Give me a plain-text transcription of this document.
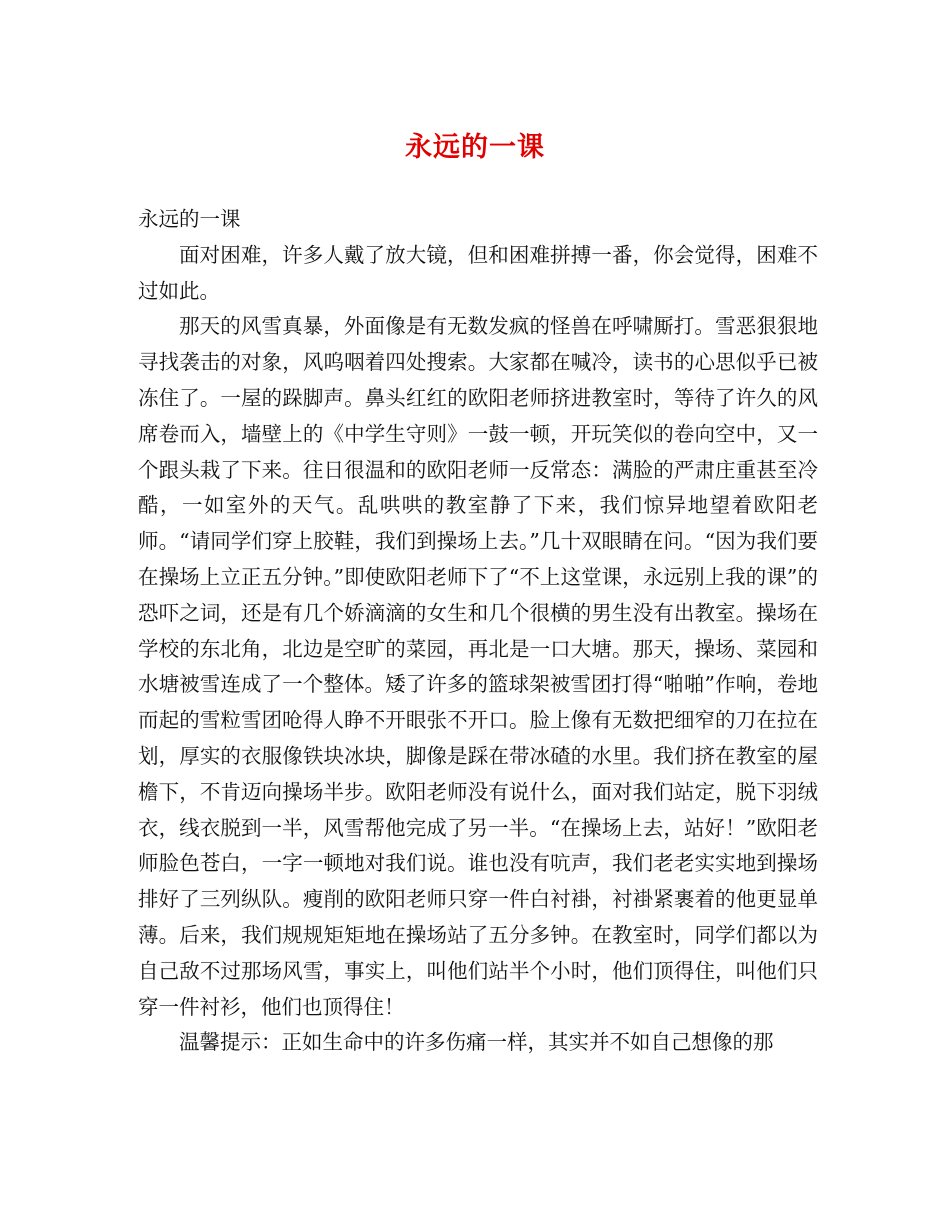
永远的一课

永远的一课

面对困难，许多人戴了放大镜，但和困难拼搏一番，你会觉得，困难不过如此。

那天的风雪真暴，外面像是有无数发疯的怪兽在呼啸厮打。雪恶狠狠地寻找袭击的对象，风呜咽着四处搜索。大家都在喊冷，读书的心思似乎已被冻住了。一屋的跺脚声。鼻头红红的欧阳老师挤进教室时，等待了许久的风席卷而入，墙壁上的《中学生守则》一鼓一顿，开玩笑似的卷向空中，又一个跟头栽了下来。往日很温和的欧阳老师一反常态：满脸的严肃庄重甚至冷酷，一如室外的天气。乱哄哄的教室静了下来，我们惊异地望着欧阳老师。“请同学们穿上胶鞋，我们到操场上去。”几十双眼睛在问。“因为我们要在操场上立正五分钟。”即使欧阳老师下了“不上这堂课，永远别上我的课”的恐吓之词，还是有几个娇滴滴的女生和几个很横的男生没有出教室。操场在学校的东北角，北边是空旷的菜园，再北是一口大塘。那天，操场、菜园和水塘被雪连成了一个整体。矮了许多的篮球架被雪团打得“啪啪”作响，卷地而起的雪粒雪团呛得人睁不开眼张不开口。脸上像有无数把细窄的刀在拉在划，厚实的衣服像铁块冰块，脚像是踩在带冰碴的水里。我们挤在教室的屋檐下，不肯迈向操场半步。欧阳老师没有说什么，面对我们站定，脱下羽绒衣，线衣脱到一半，风雪帮他完成了另一半。“在操场上去，站好！”欧阳老师脸色苍白，一字一顿地对我们说。谁也没有吭声，我们老老实实地到操场排好了三列纵队。瘦削的欧阳老师只穿一件白衬褂，衬褂紧裹着的他更显单薄。后来，我们规规矩矩地在操场站了五分多钟。在教室时，同学们都以为自己敌不过那场风雪，事实上，叫他们站半个小时，他们顶得住，叫他们只穿一件衬衫，他们也顶得住！

温馨提示：正如生命中的许多伤痛一样，其实并不如自己想像的那
